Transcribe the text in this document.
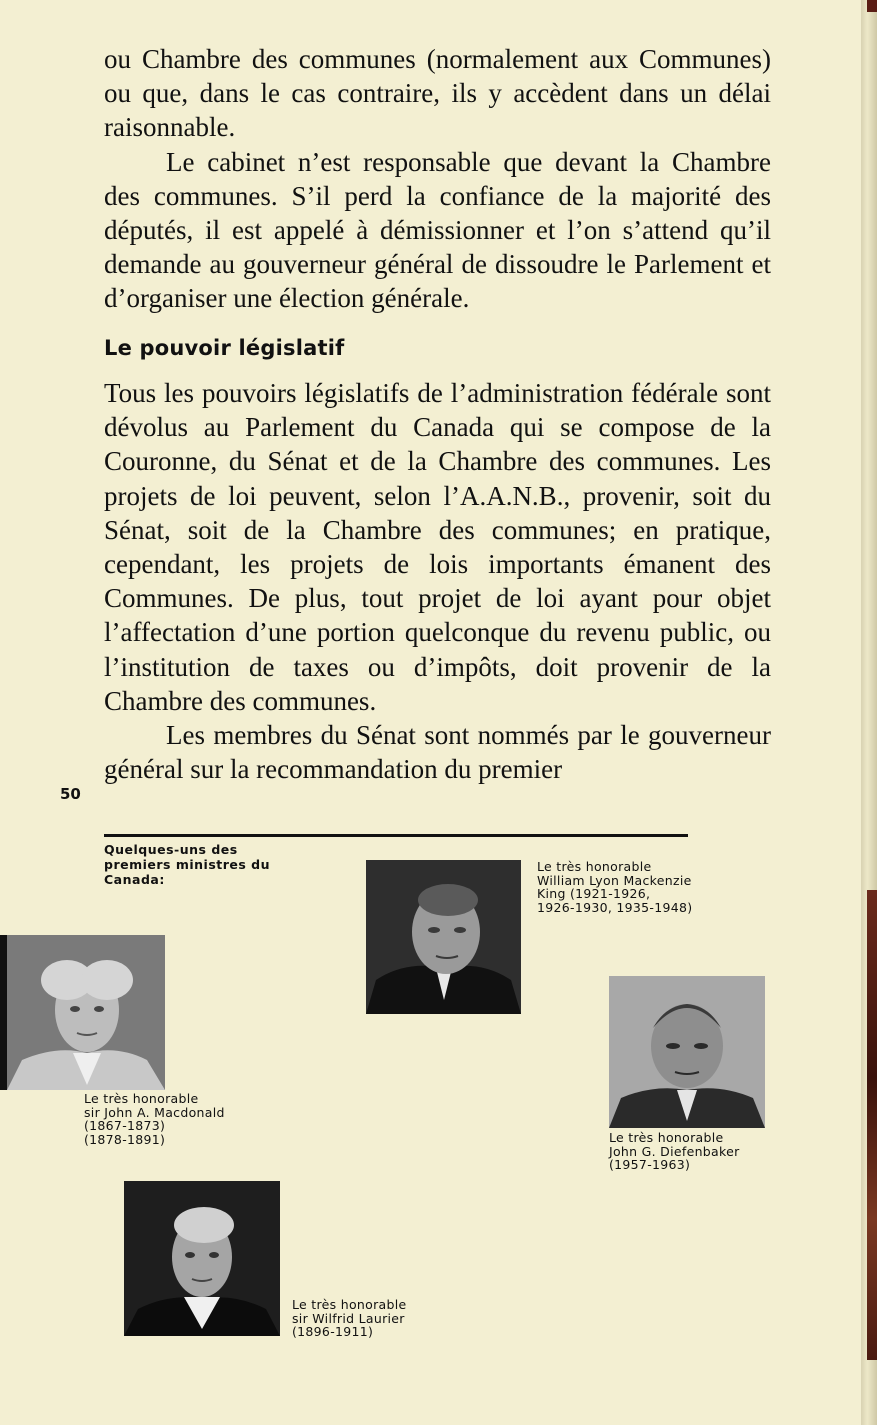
ou Chambre des communes (normalement aux Communes) ou que, dans le cas contraire, ils y accèdent dans un délai raisonnable.

Le cabinet n’est responsable que devant la Chambre des communes. S’il perd la confiance de la majorité des députés, il est appelé à démissionner et l’on s’attend qu’il demande au gouverneur général de dissoudre le Parlement et d’organiser une élection générale.

Le pouvoir législatif

Tous les pouvoirs législatifs de l’administration fédérale sont dévolus au Parlement du Canada qui se compose de la Couronne, du Sénat et de la Chambre des communes. Les projets de loi peuvent, selon l’A.A.N.B., provenir, soit du Sénat, soit de la Chambre des communes; en pratique, cependant, les projets de lois importants émanent des Communes. De plus, tout projet de loi ayant pour objet l’affectation d’une portion quelconque du revenu public, ou l’institution de taxes ou d’impôts, doit provenir de la Chambre des communes.

Les membres du Sénat sont nommés par le gouverneur général sur la recommandation du premier

50
Quelques-uns des premiers ministres du Canada:
Le très honorable
William Lyon Mackenzie
King (1921-1926,
1926-1930, 1935-1948)
Le très honorable
sir John A. Macdonald
(1867-1873)
(1878-1891)	Le très honorable
John G. Diefenbaker
(1957-1963)
Le très honorable
sir Wilfrid Laurier
(1896-1911)
